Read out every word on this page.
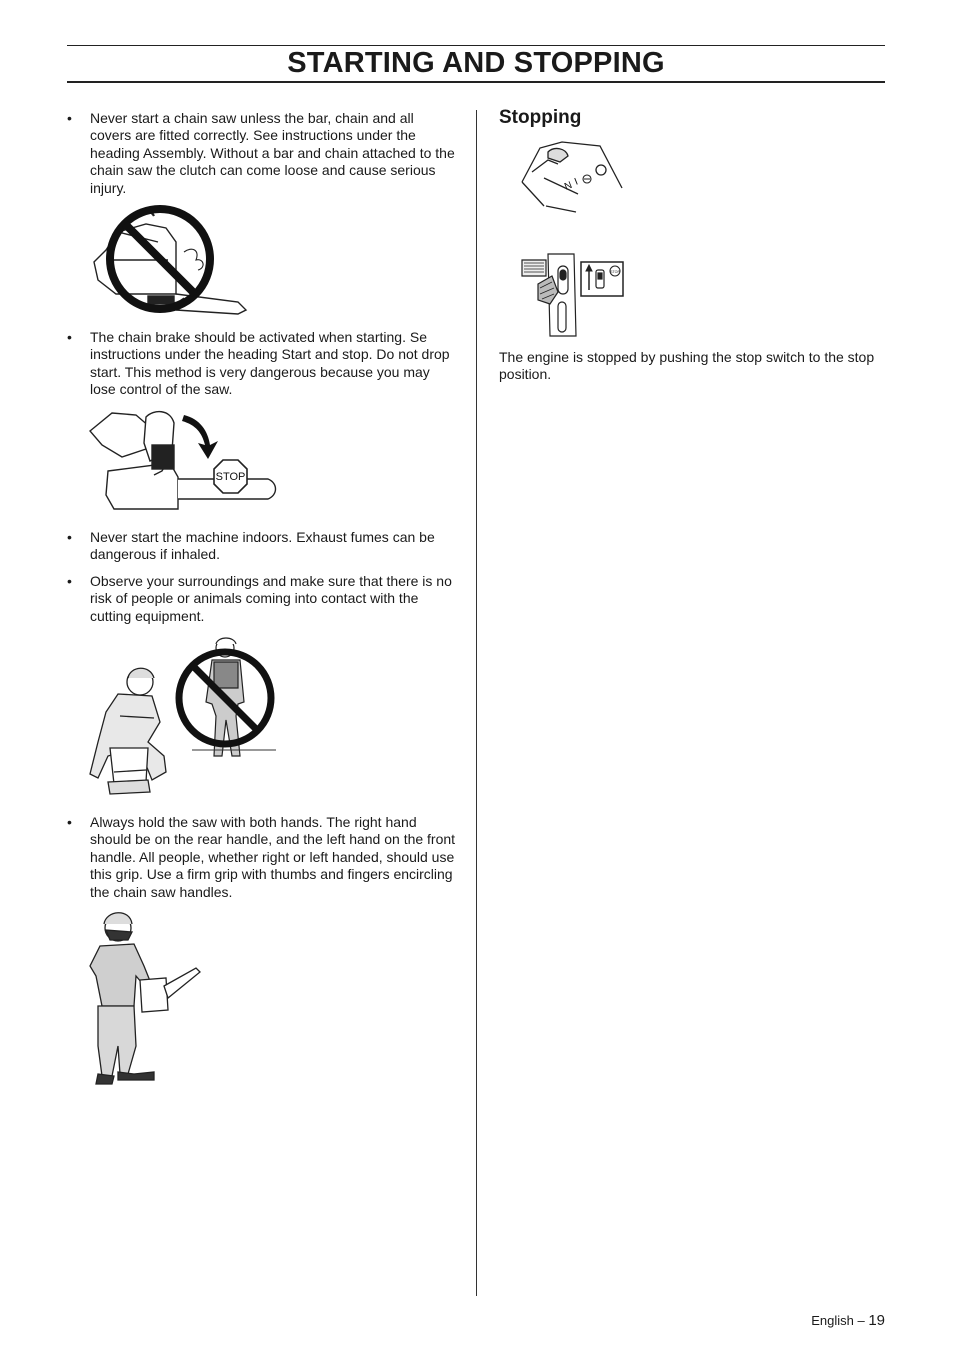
STARTING AND STOPPING
• Never start a chain saw unless the bar, chain and all covers are fitted correctly. See instructions under the heading Assembly. Without a bar and chain attached to the chain saw the clutch can come loose and cause serious injury.
• The chain brake should be activated when starting. Se instructions under the heading Start and stop. Do not drop start. This method is very dangerous because you may lose control of the saw.
STOP
• Never start the machine indoors. Exhaust fumes can be dangerous if inhaled.
• Observe your surroundings and make sure that there is no risk of people or animals coming into contact with the cutting equipment.
• Always hold the saw with both hands. The right hand should be on the rear handle, and the left hand on the front handle. All people, whether right or left handed, should use this grip. Use a firm grip with thumbs and fingers encircling the chain saw handles.
Stopping
N I
STOP

The engine is stopped by pushing the stop switch to the stop position.

English – 19
